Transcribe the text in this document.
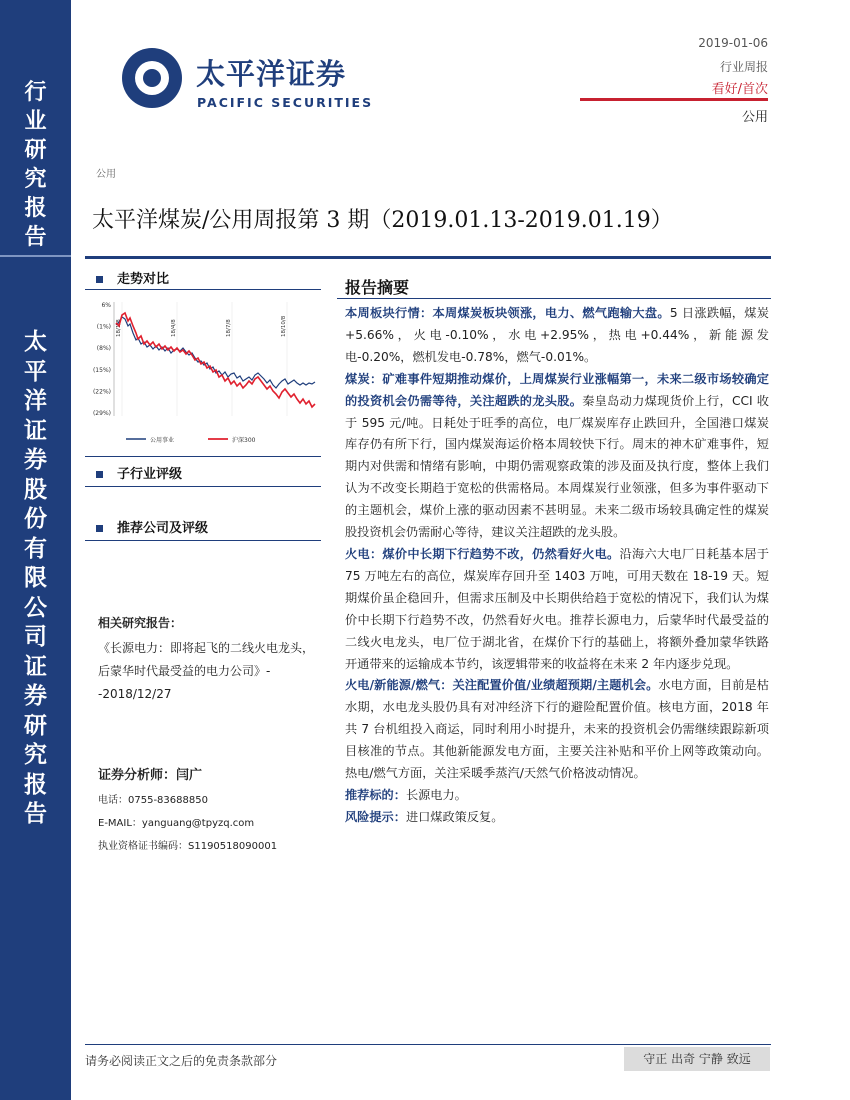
行
业
研
究
报
告
太
平
洋
证
券
股
份
有
限
公
司
证
券
研
究
报
告
太平洋证券
PACIFIC SECURITIES
2019-01-06
行业周报
看好/首次
公用
公用
太平洋煤炭/公用周报第 3 期（2019.01.13-2019.01.19）
走势对比
6%
(1%)
(8%)
(15%)
(22%)
(29%)
18/1/8	18/4/8	18/7/8	18/10/8
公用事业	沪深300
子行业评级
推荐公司及评级
相关研究报告：
《长源电力：即将起飞的二线火电龙头，后蒙华时代最受益的电力公司》--2018/12/27
证券分析师：闫广
电话：0755-83688850
E-MAIL：yanguang@tpyzq.com
执业资格证书编码：S1190518090001
报告摘要

本周板块行情：本周煤炭板块领涨，电力、燃气跑输大盘。5 日涨跌幅，煤炭+5.66%，火电-0.10%，水电+2.95%，热电+0.44%，新能源发电-0.20%，燃机发电-0.78%，燃气-0.01%。

煤炭：矿难事件短期推动煤价，上周煤炭行业涨幅第一，未来二级市场较确定的投资机会仍需等待，关注超跌的龙头股。秦皇岛动力煤现货价上行，CCI 收于 595 元/吨。日耗处于旺季的高位，电厂煤炭库存止跌回升，全国港口煤炭库存仍有所下行，国内煤炭海运价格本周较快下行。周末的神木矿难事件，短期内对供需和情绪有影响，中期仍需观察政策的涉及面及执行度，整体上我们认为不改变长期趋于宽松的供需格局。本周煤炭行业领涨，但多为事件驱动下的主题机会，煤价上涨的驱动因素不甚明显。未来二级市场较具确定性的煤炭股投资机会仍需耐心等待，建议关注超跌的龙头股。

火电：煤价中长期下行趋势不改，仍然看好火电。沿海六大电厂日耗基本居于 75 万吨左右的高位，煤炭库存回升至 1403 万吨，可用天数在 18-19 天。短期煤价虽企稳回升，但需求压制及中长期供给趋于宽松的情况下，我们认为煤价中长期下行趋势不改，仍然看好火电。推荐长源电力，后蒙华时代最受益的二线火电龙头，电厂位于湖北省，在煤价下行的基础上，将额外叠加蒙华铁路开通带来的运输成本节约，该逻辑带来的收益将在未来 2 年内逐步兑现。

火电/新能源/燃气：关注配置价值/业绩超预期/主题机会。水电方面，目前是枯水期，水电龙头股仍具有对冲经济下行的避险配置价值。核电方面，2018 年共 7 台机组投入商运，同时利用小时提升，未来的投资机会仍需继续跟踪新项目核准的节点。其他新能源发电方面，主要关注补贴和平价上网等政策动向。热电/燃气方面，关注采暖季蒸汽/天然气价格波动情况。

推荐标的：长源电力。

风险提示：进口煤政策反复。

请务必阅读正文之后的免责条款部分	守正 出奇 宁静 致远
